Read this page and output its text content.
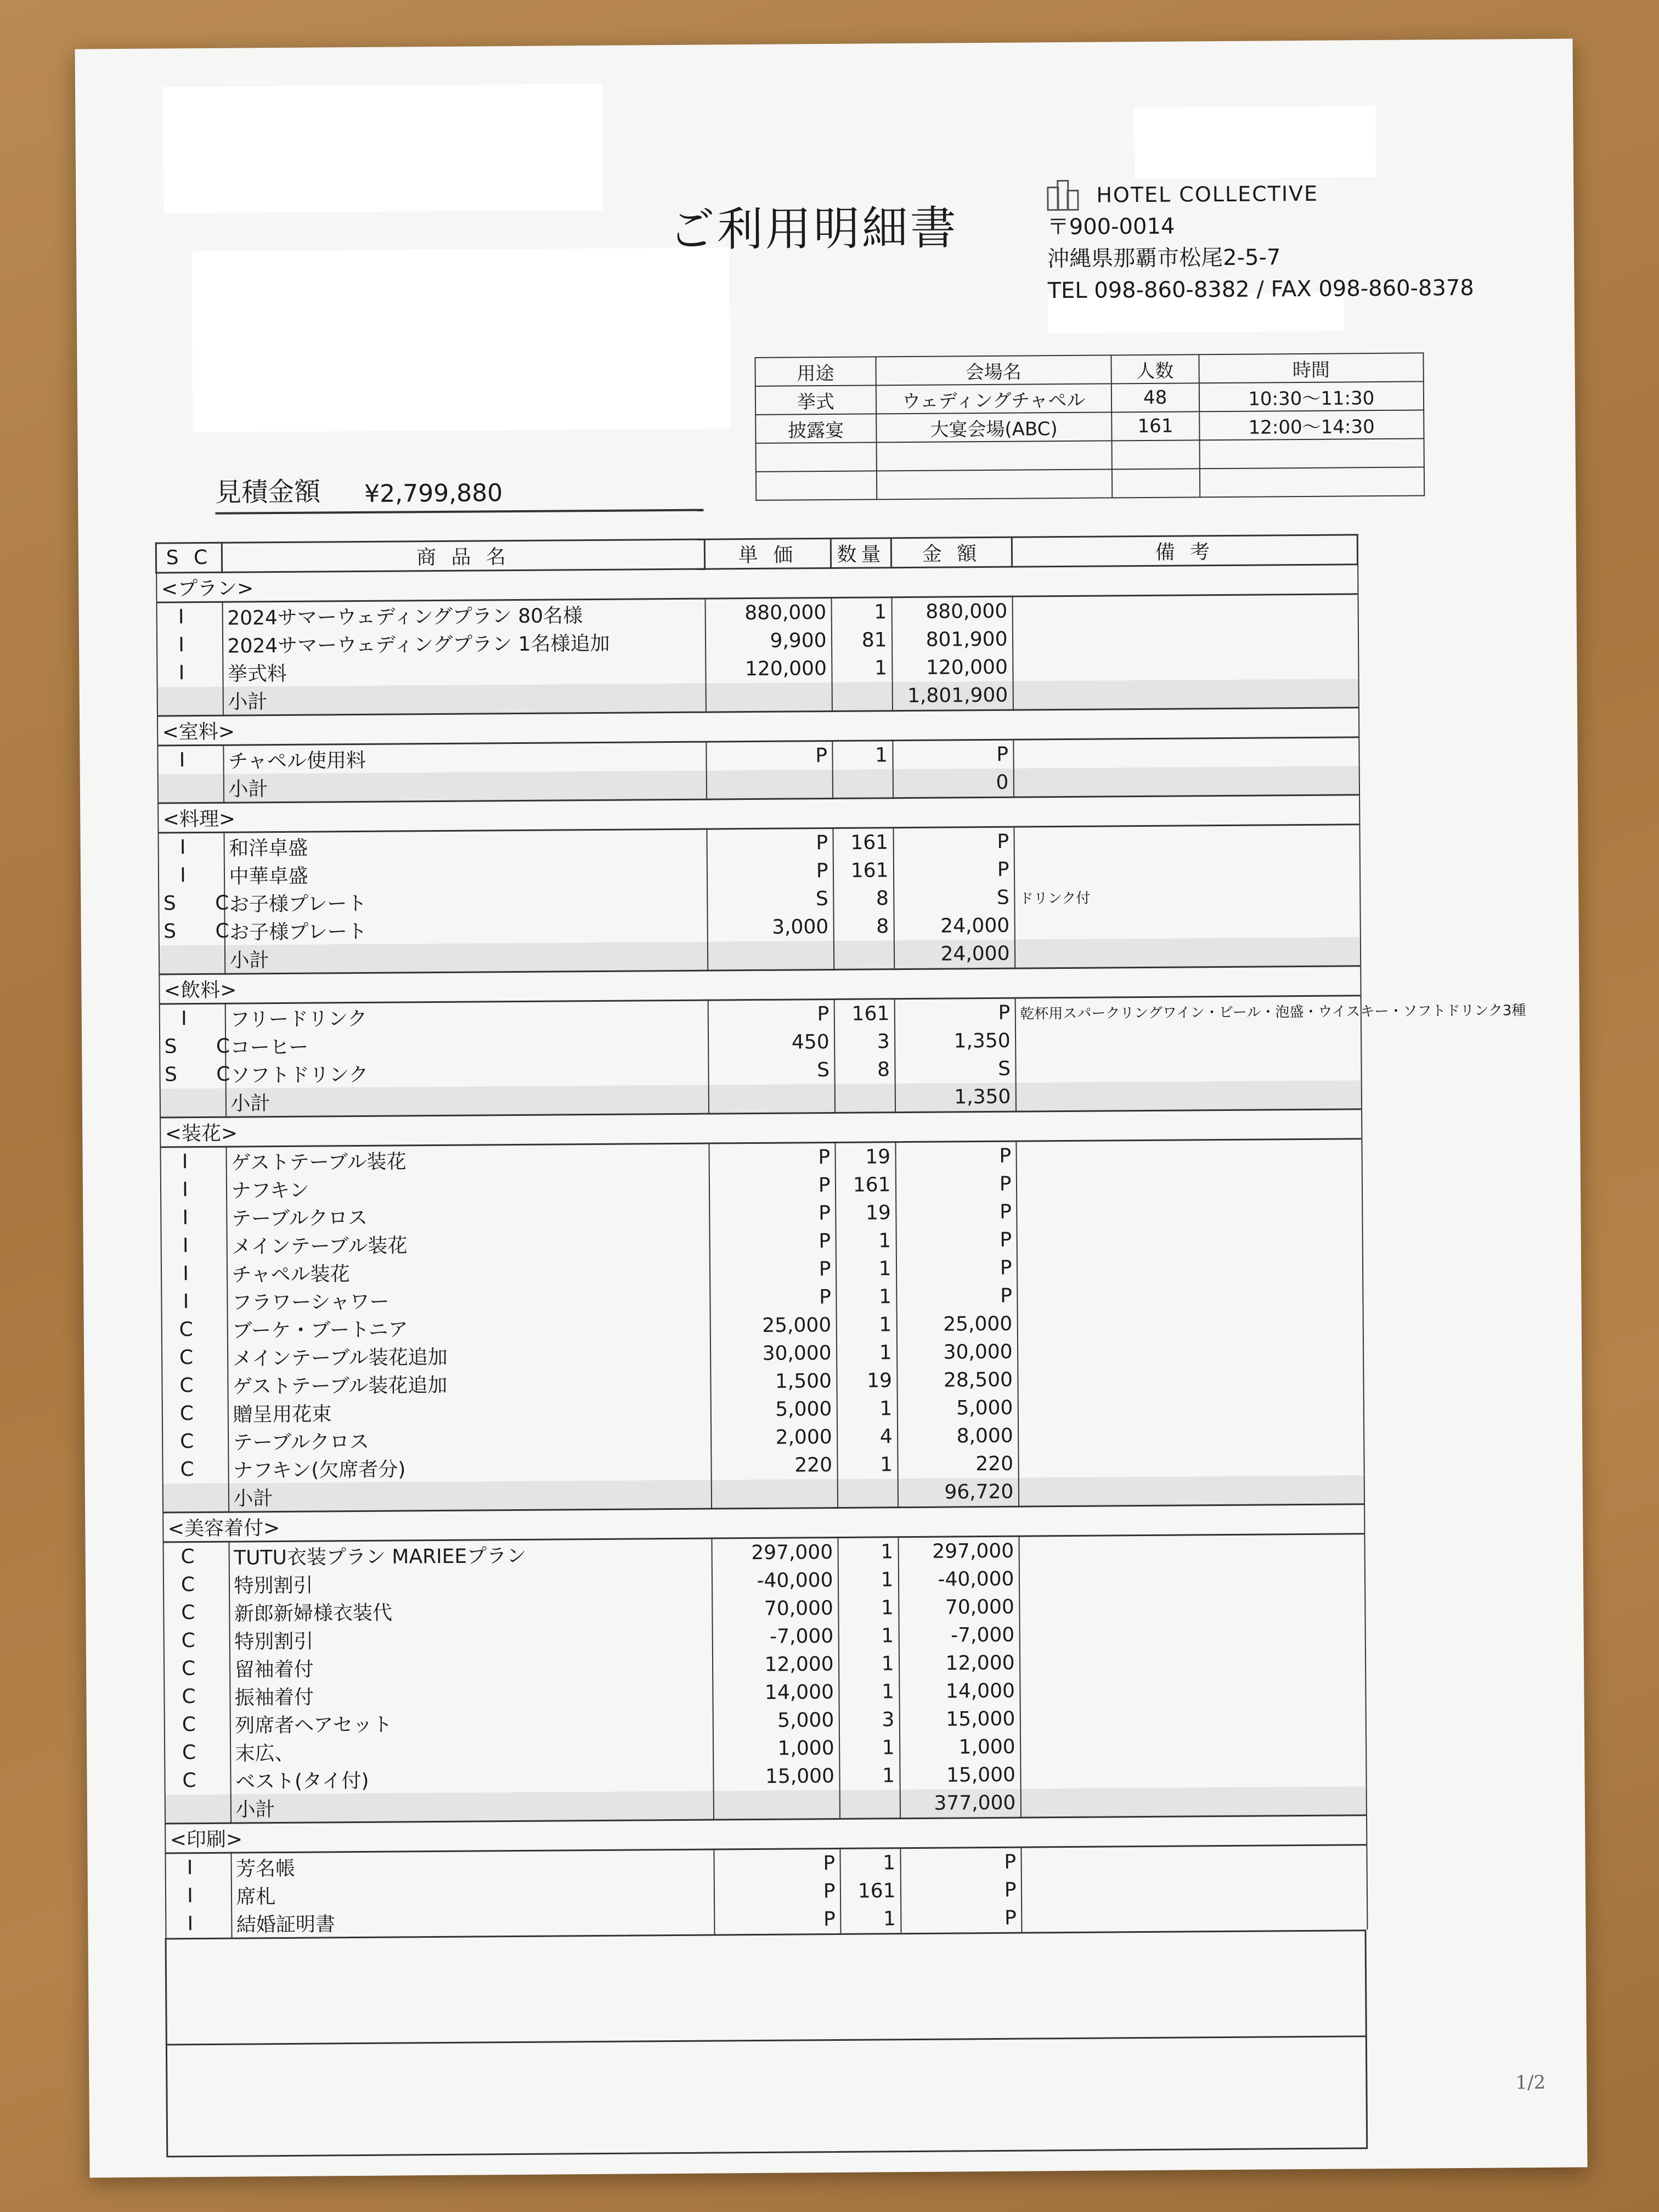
ご利用明細書
HOTEL COLLECTIVE
〒900-0014
沖縄県那覇市松尾2-5-7
TEL 098-860-8382 / FAX 098-860-8378
用途	会場名	人数	時間
挙式	ウェディングチャペル	48	10:30〜11:30
披露宴	大宴会場(ABC)	161	12:00〜14:30

見積金額 ¥2,799,880
S C	商 品 名	単 価	数量	金 額	備 考
<プラン>					
I	2024サマーウェディングプラン 80名様	880,000	1	880,000	
I	2024サマーウェディングプラン 1名様追加	9,900	81	801,900	
I	挙式料	120,000	1	120,000	
	小計			1,801,900	
<室料>					
I	チャペル使用料	P	1	P	
	小計			0	
<料理>					
I	和洋卓盛	P	161	P	
I	中華卓盛	P	161	P	
S C	お子様プレート	S	8	S	ドリンク付
S C	お子様プレート	3,000	8	24,000	
	小計			24,000	
<飲料>					
I	フリードリンク	P	161	P	乾杯用スパークリングワイン・ビール・泡盛・ウイスキー・ソフトドリンク3種
S C	コーヒー	450	3	1,350	
S C	ソフトドリンク	S	8	S	
	小計			1,350	
<装花>					
I	ゲストテーブル装花	P	19	P	
I	ナフキン	P	161	P	
I	テーブルクロス	P	19	P	
I	メインテーブル装花	P	1	P	
I	チャペル装花	P	1	P	
I	フラワーシャワー	P	1	P	
C	ブーケ・ブートニア	25,000	1	25,000	
C	メインテーブル装花追加	30,000	1	30,000	
C	ゲストテーブル装花追加	1,500	19	28,500	
C	贈呈用花束	5,000	1	5,000	
C	テーブルクロス	2,000	4	8,000	
C	ナフキン(欠席者分)	220	1	220	
	小計			96,720	
<美容着付>					
C	TUTU衣装プラン MARIEEプラン	297,000	1	297,000	
C	特別割引	-40,000	1	-40,000	
C	新郎新婦様衣装代	70,000	1	70,000	
C	特別割引	-7,000	1	-7,000	
C	留袖着付	12,000	1	12,000	
C	振袖着付	14,000	1	14,000	
C	列席者ヘアセット	5,000	3	15,000	
C	末広、	1,000	1	1,000	
C	ベスト(タイ付)	15,000	1	15,000	
	小計			377,000	
<印刷>					
I	芳名帳	P	1	P	
I	席札	P	161	P	
I	結婚証明書	P	1	P	
1/2
